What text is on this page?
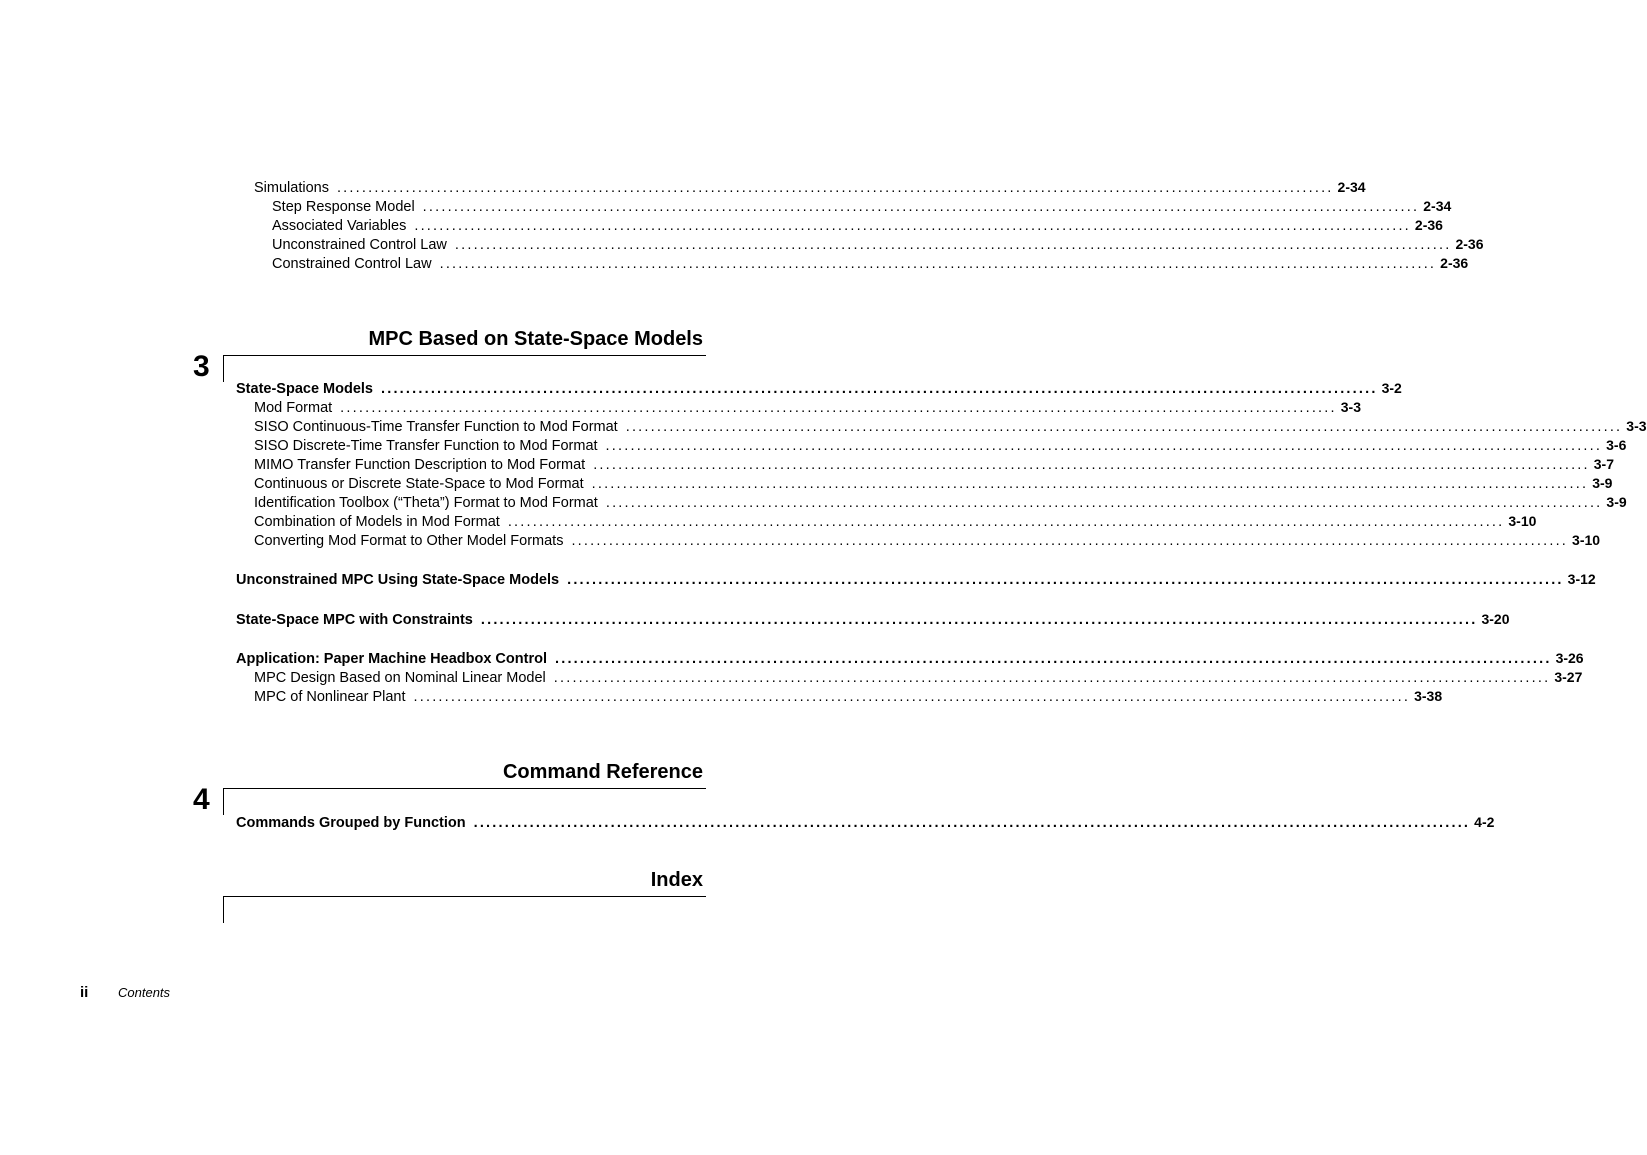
Simulations ................................................................................................................................................................ 2-34
Step Response Model ................................................................................................................................................................ 2-34
Associated Variables ................................................................................................................................................................ 2-36
Unconstrained Control Law ................................................................................................................................................................ 2-36
Constrained Control Law ................................................................................................................................................................ 2-36
MPC Based on State-Space Models
3
State-Space Models ................................................................................................................................................................ 3-2
Mod Format ................................................................................................................................................................ 3-3
SISO Continuous-Time Transfer Function to Mod Format ................................................................................................................................................................ 3-3
SISO Discrete-Time Transfer Function to Mod Format ................................................................................................................................................................ 3-6
MIMO Transfer Function Description to Mod Format ................................................................................................................................................................ 3-7
Continuous or Discrete State-Space to Mod Format ................................................................................................................................................................ 3-9
Identification Toolbox (“Theta”) Format to Mod Format ................................................................................................................................................................ 3-9
Combination of Models in Mod Format ................................................................................................................................................................ 3-10
Converting Mod Format to Other Model Formats ................................................................................................................................................................ 3-10
Unconstrained MPC Using State-Space Models ................................................................................................................................................................ 3-12
State-Space MPC with Constraints ................................................................................................................................................................ 3-20
Application: Paper Machine Headbox Control ................................................................................................................................................................ 3-26
MPC Design Based on Nominal Linear Model ................................................................................................................................................................ 3-27
MPC of Nonlinear Plant ................................................................................................................................................................ 3-38
Command Reference
4
Commands Grouped by Function ................................................................................................................................................................ 4-2
Index
ii Contents
